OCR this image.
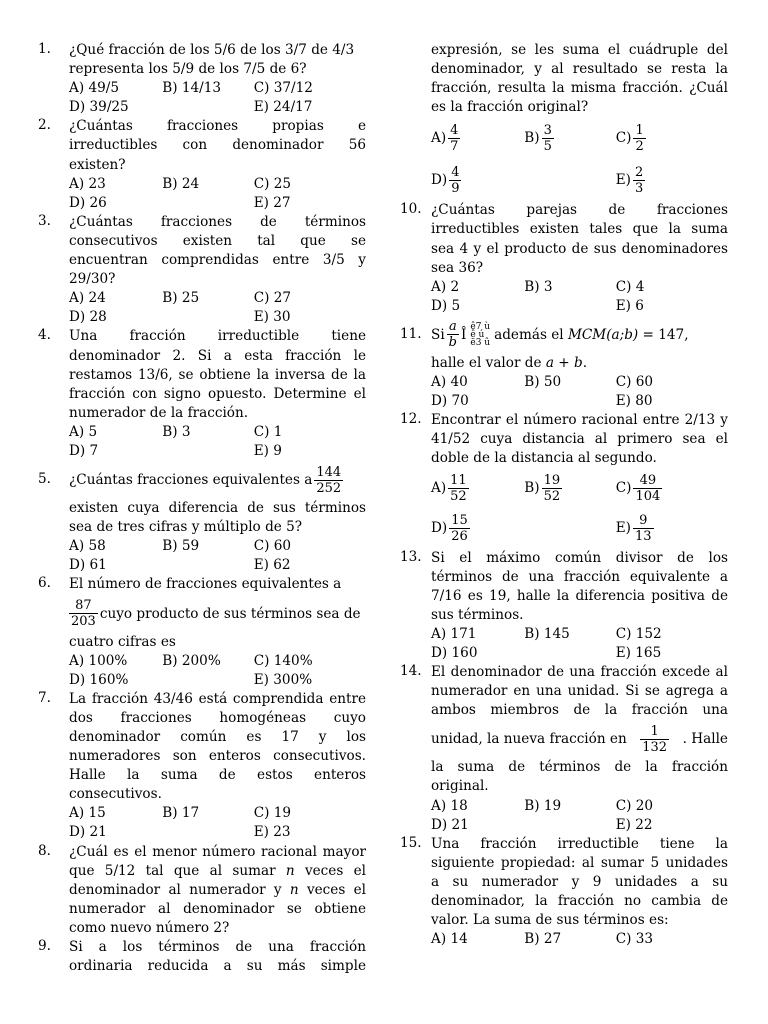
1. ¿Qué fracción de los 5/6 de los 3/7 de 4/3
representa los 5/9 de los 7/5 de 6?
A) 49/5	B) 14/13	C) 37/12
D) 39/25	E) 24/17
2. ¿Cuántas fracciones propias e
irreductibles con denominador 56
existen?
A) 23	B) 24	C) 25
D) 26	E) 27
3. ¿Cuántas fracciones de términos
consecutivos existen tal que se
encuentran comprendidas entre 3/5 y
29/30?
A) 24	B) 25	C) 27
D) 28	E) 30
4. Una fracción irreductible tiene
denominador 2. Si a esta fracción le
restamos 13/6, se obtiene la inversa de la
fracción con signo opuesto. Determine el
numerador de la fracción.
A) 5	B) 3	C) 1
D) 7	E) 9
5. ¿Cuántas fracciones equivalentes a $\frac{144}{252}$
existen cuya diferencia de sus términos
sea de tres cifras y múltiplo de 5?
A) 58	B) 59	C) 60
D) 61	E) 62
6. El número de fracciones equivalentes a
$\frac{87}{203}$ cuyo producto de sus términos sea de
cuatro cifras es
A) 100%	B) 200%	C) 140%
D) 160%	E) 300%
7. La fracción 43/46 está comprendida entre
dos fracciones homogéneas cuyo
denominador común es 17 y los
numeradores son enteros consecutivos.
Halle la suma de estos enteros
consecutivos.
A) 15	B) 17	C) 19
D) 21	E) 23
8. ¿Cuál es el menor número racional mayor
que 5/12 tal que al sumar n veces el
denominador al numerador y n veces el
numerador al denominador se obtiene
como nuevo número 2?
9. Si a los términos de una fracción
ordinaria reducida a su más simple
expresión, se les suma el cuádruple del
denominador, y al resultado se resta la
fracción, resulta la misma fracción. ¿Cuál
es la fracción original?
$A) \frac{4}{7}$	$B) \frac{3}{5}$	$C) \frac{1}{2}$
$D) \frac{4}{9}$	$E) \frac{2}{3}$
10. ¿Cuántas parejas de fracciones
irreductibles existen tales que la suma
sea 4 y el producto de sus denominadores
sea 36?
A) 2	B) 3	C) 4
D) 5	E) 6
11. Si $\frac{a}{b}$ Î ê7 ù
ê ú
ë3 û además el
MCM (a;b)
= 147,
halle el valor de a + b.
A) 40	B) 50	C) 60
D) 70	E) 80
12. Encontrar el número racional entre 2/13 y
41/52 cuya distancia al primero sea el
doble de la distancia al segundo.
$A) \frac{11}{52}$	$B) \frac{19}{52}$	$C) \frac{49}{104}$
$D) \frac{15}{26}$	$E) \frac{9}{13}$
13. Si el máximo común divisor de los
términos de una fracción equivalente a
7/16 es 19, halle la diferencia positiva de
sus términos.
A) 171	B) 145	C) 152
D) 160	E) 165
14. El denominador de una fracción excede al
numerador en una unidad. Si se agrega a
ambos miembros de la fracción una
unidad, la nueva fracción en $\frac{1}{132}$ . Halle
la suma de términos de la fracción
original.
A) 18	B) 19	C) 20
D) 21	E) 22
15. Una fracción irreductible tiene la
siguiente propiedad: al sumar 5 unidades
a su numerador y 9 unidades a su
denominador, la fracción no cambia de
valor. La suma de sus términos es:
A) 14	B) 27	C) 33
